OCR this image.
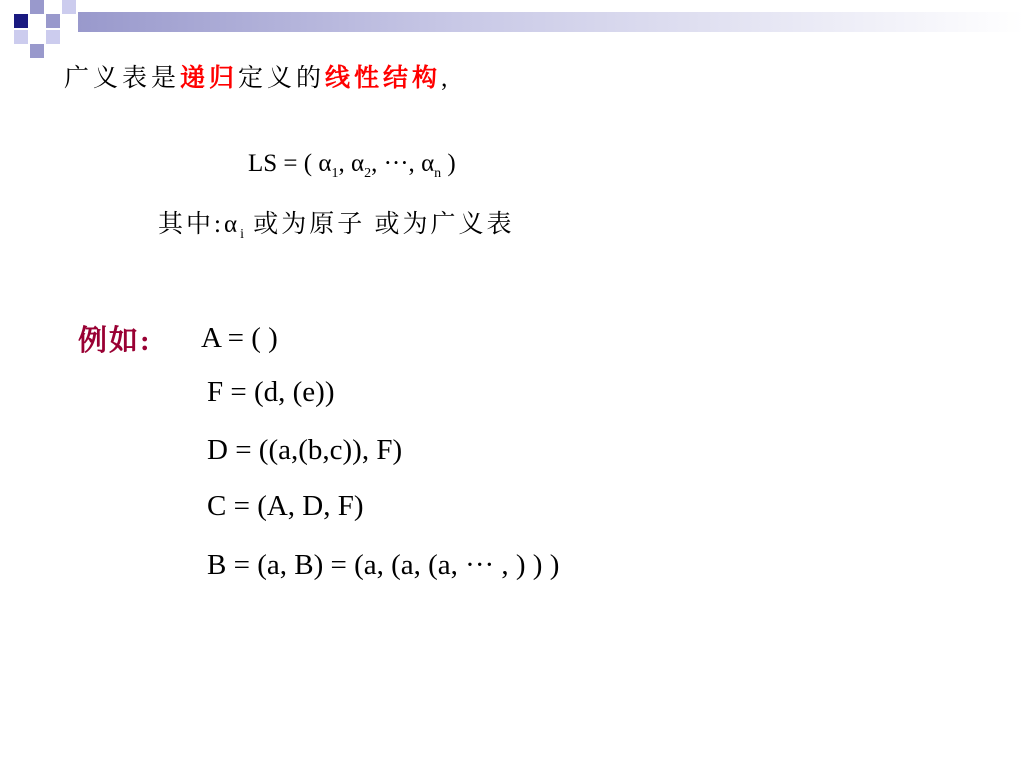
广义表是递归定义的线性结构,
LS = ( $\alpha_1$, $\alpha_2$, ···, $\alpha_n$ )
其中$:\alpha_i$ 或为原子 或为广义表
例如: A = ( )
F = (d, (e))
D = ((a,(b,c)), F)
C = (A, D, F)
B = (a, B) = (a, (a, (a, ··· , ) ) )
